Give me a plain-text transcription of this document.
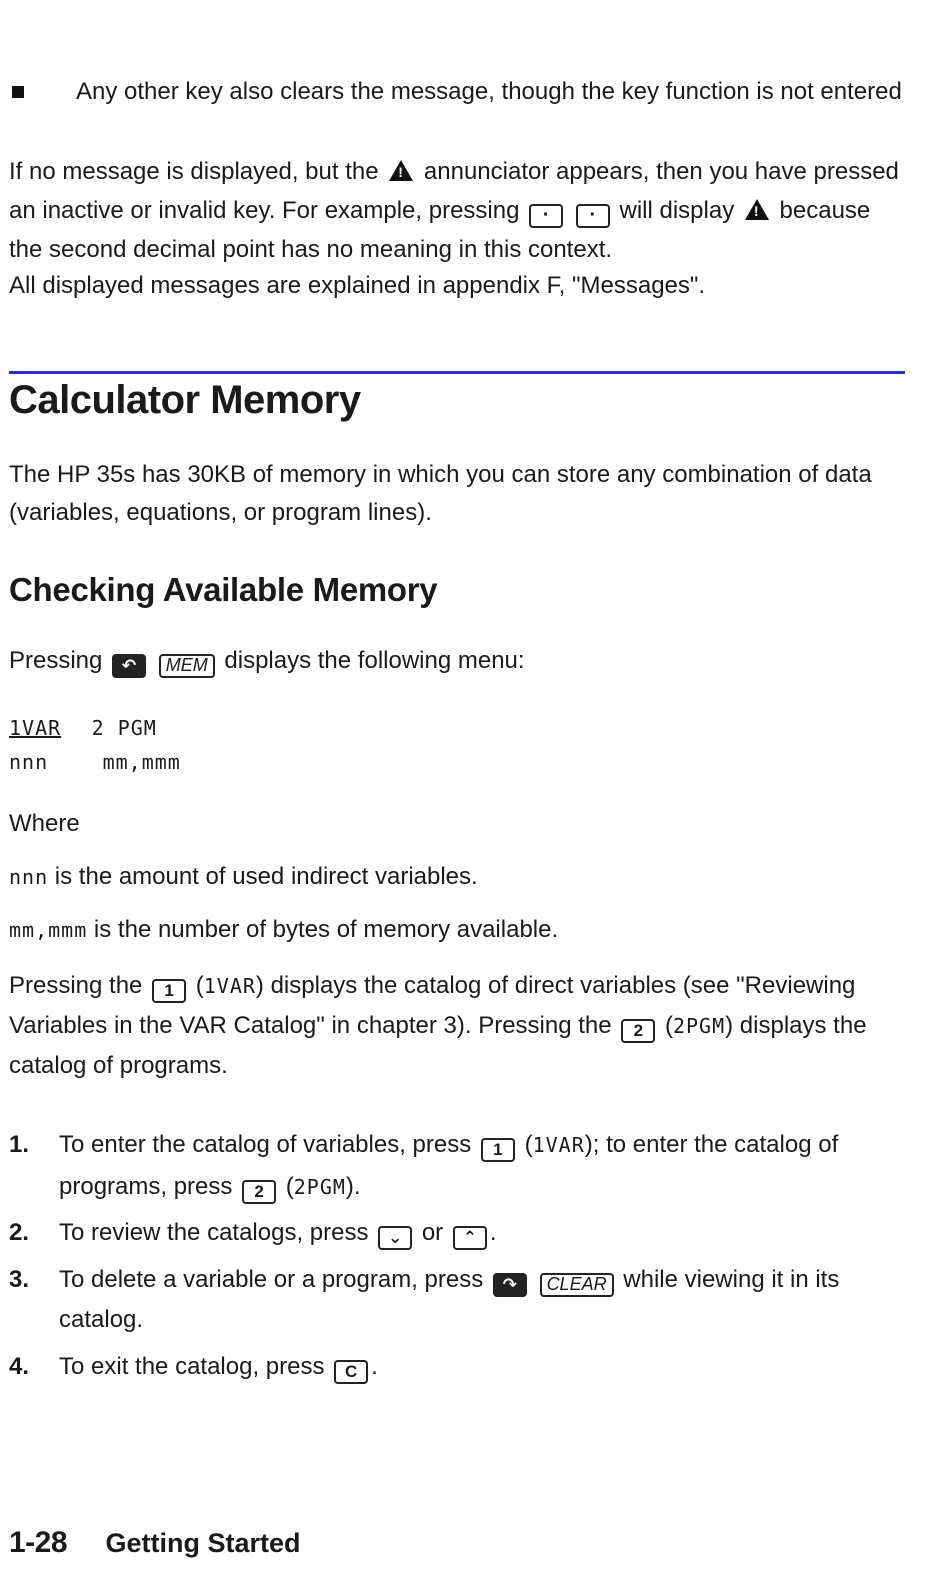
Any other key also clears the message, though the key function is not entered
If no message is displayed, but the ! annunciator appears, then you have pressed
an inactive or invalid key. For example, pressing · · will display ! because
the second decimal point has no meaning in this context.
All displayed messages are explained in appendix F, "Messages".
Calculator Memory
The HP 35s has 30KB of memory in which you can store any combination of data (variables, equations, or program lines).
Checking Available Memory
Pressing ↶ MEM displays the following menu:
1VAR 2 PGM
nnn	mm,mmm
Where
nnn is the amount of used indirect variables.
mm,mmm is the number of bytes of memory available.
Pressing the 1 (1VAR) displays the catalog of direct variables (see "Reviewing Variables in the VAR Catalog" in chapter 3). Pressing the 2 (2PGM) displays the catalog of programs.
1. To enter the catalog of variables, press 1 (1VAR); to enter the catalog of programs, press 2 (2PGM).
2. To review the catalogs, press ⌄ or ⌃ .
3. To delete a variable or a program, press ↷ CLEAR while viewing it in its catalog.
4. To exit the catalog, press C .
1-28 Getting Started
